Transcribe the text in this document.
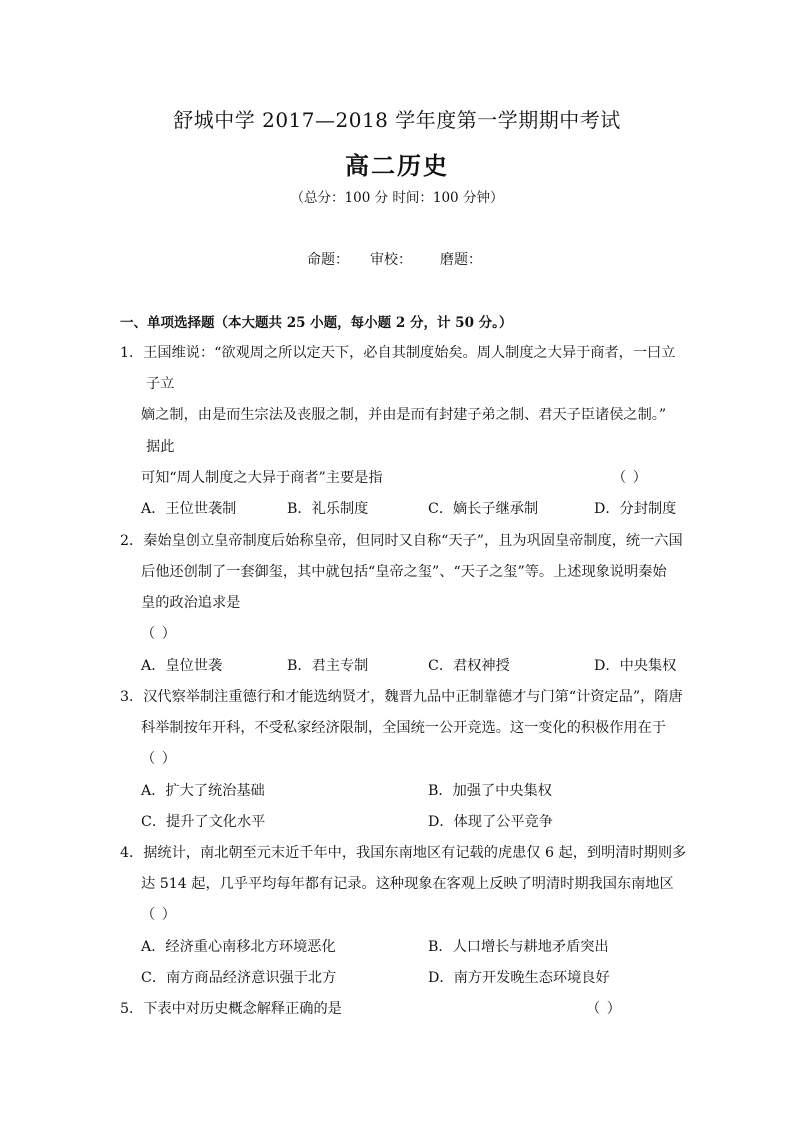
舒城中学 2017—2018 学年度第一学期期中考试
高二历史
（总分：100 分 时间：100 分钟）
命题： 审校： 磨题：
一、单项选择题（本大题共 25 小题，每小题 2 分，计 50 分。）
1．王国维说：“欲观周之所以定天下，必自其制度始矣。周人制度之大异于商者，一曰立
子立
嫡之制，由是而生宗法及丧服之制，并由是而有封建子弟之制、君天子臣诸侯之制。”
据此
可知“周人制度之大异于商者”主要是指	（ ）
A．王位世袭制	B．礼乐制度	C．嫡长子继承制	D．分封制度
2．秦始皇创立皇帝制度后始称皇帝，但同时又自称“天子”，且为巩固皇帝制度，统一六国
后他还创制了一套御玺，其中就包括“皇帝之玺”、“天子之玺”等。上述现象说明秦始
皇的政治追求是
（ ）
A．皇位世袭	B．君主专制	C．君权神授	D．中央集权
3．汉代察举制注重德行和才能选纳贤才，魏晋九品中正制靠德才与门第“计资定品”，隋唐
科举制按年开科，不受私家经济限制，全国统一公开竞选。这一变化的积极作用在于
（ ）
A．扩大了统治基础	B．加强了中央集权
C．提升了文化水平	D．体现了公平竞争
4．据统计，南北朝至元末近千年中，我国东南地区有记载的虎患仅 6 起，到明清时期则多
达 514 起，几乎平均每年都有记录。这种现象在客观上反映了明清时期我国东南地区
（ ）
A．经济重心南移北方环境恶化	B．人口增长与耕地矛盾突出
C．南方商品经济意识强于北方	D．南方开发晚生态环境良好
5．下表中对历史概念解释正确的是	（ ）
